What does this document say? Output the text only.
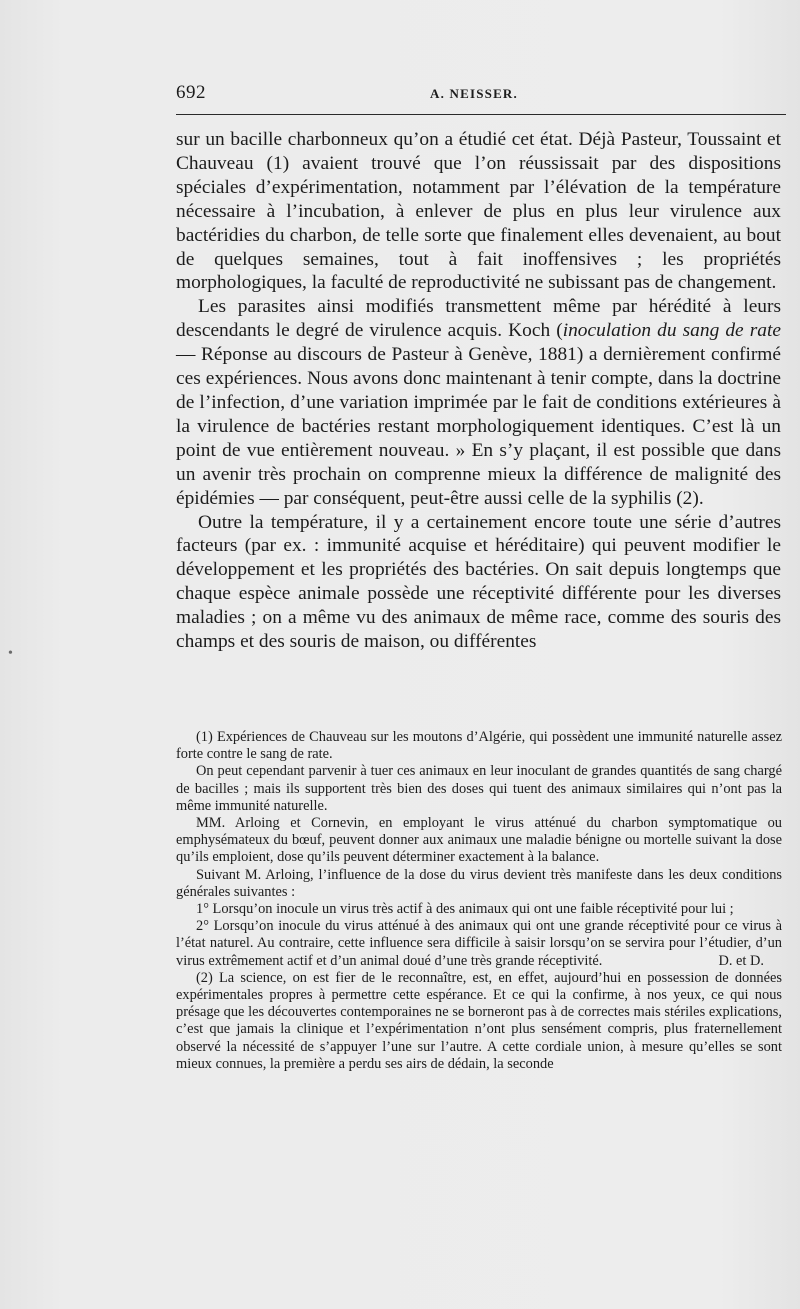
692	A. NEISSER.

sur un bacille charbonneux qu’on a étudié cet état. Déjà Pasteur, Toussaint et Chauveau (1) avaient trouvé que l’on réussissait par des dispositions spéciales d’expérimentation, notamment par l’élévation de la température nécessaire à l’incubation, à enlever de plus en plus leur virulence aux bactéridies du charbon, de telle sorte que finalement elles devenaient, au bout de quelques semaines, tout à fait inoffensives ; les propriétés morphologiques, la faculté de reproductivité ne subissant pas de changement.

Les parasites ainsi modifiés transmettent même par hérédité à leurs descendants le degré de virulence acquis. Koch (inoculation du sang de rate — Réponse au discours de Pasteur à Genève, 1881) a dernièrement confirmé ces expériences. Nous avons donc maintenant à tenir compte, dans la doctrine de l’infection, d’une variation imprimée par le fait de conditions extérieures à la virulence de bactéries restant morphologiquement identiques. C’est là un point de vue entièrement nouveau. » En s’y plaçant, il est possible que dans un avenir très prochain on comprenne mieux la différence de malignité des épidémies — par conséquent, peut-être aussi celle de la syphilis (2).

Outre la température, il y a certainement encore toute une série d’autres facteurs (par ex. : immunité acquise et héréditaire) qui peuvent modifier le développement et les propriétés des bactéries. On sait depuis longtemps que chaque espèce animale possède une réceptivité différente pour les diverses maladies ; on a même vu des animaux de même race, comme des souris des champs et des souris de maison, ou différentes

(1) Expériences de Chauveau sur les moutons d’Algérie, qui possèdent une immunité naturelle assez forte contre le sang de rate.

On peut cependant parvenir à tuer ces animaux en leur inoculant de grandes quantités de sang chargé de bacilles ; mais ils supportent très bien des doses qui tuent des animaux similaires qui n’ont pas la même immunité naturelle.

MM. Arloing et Cornevin, en employant le virus atténué du charbon symptomatique ou emphysémateux du bœuf, peuvent donner aux animaux une maladie bénigne ou mortelle suivant la dose qu’ils emploient, dose qu’ils peuvent déterminer exactement à la balance.

Suivant M. Arloing, l’influence de la dose du virus devient très manifeste dans les deux conditions générales suivantes :

1° Lorsqu’on inocule un virus très actif à des animaux qui ont une faible réceptivité pour lui ;

2° Lorsqu’on inocule du virus atténué à des animaux qui ont une grande réceptivité pour ce virus à l’état naturel. Au contraire, cette influence sera difficile à saisir lorsqu’on se servira pour l’étudier, d’un virus extrêmement actif et d’un animal doué d’une très grande réceptivité.	D. et D.

(2) La science, on est fier de le reconnaître, est, en effet, aujourd’hui en possession de données expérimentales propres à permettre cette espérance. Et ce qui la confirme, à nos yeux, ce qui nous présage que les découvertes contemporaines ne se borneront pas à de correctes mais stériles explications, c’est que jamais la clinique et l’expérimentation n’ont plus sensément compris, plus fraternellement observé la nécessité de s’appuyer l’une sur l’autre. A cette cordiale union, à mesure qu’elles se sont mieux connues, la première a perdu ses airs de dédain, la seconde

•
